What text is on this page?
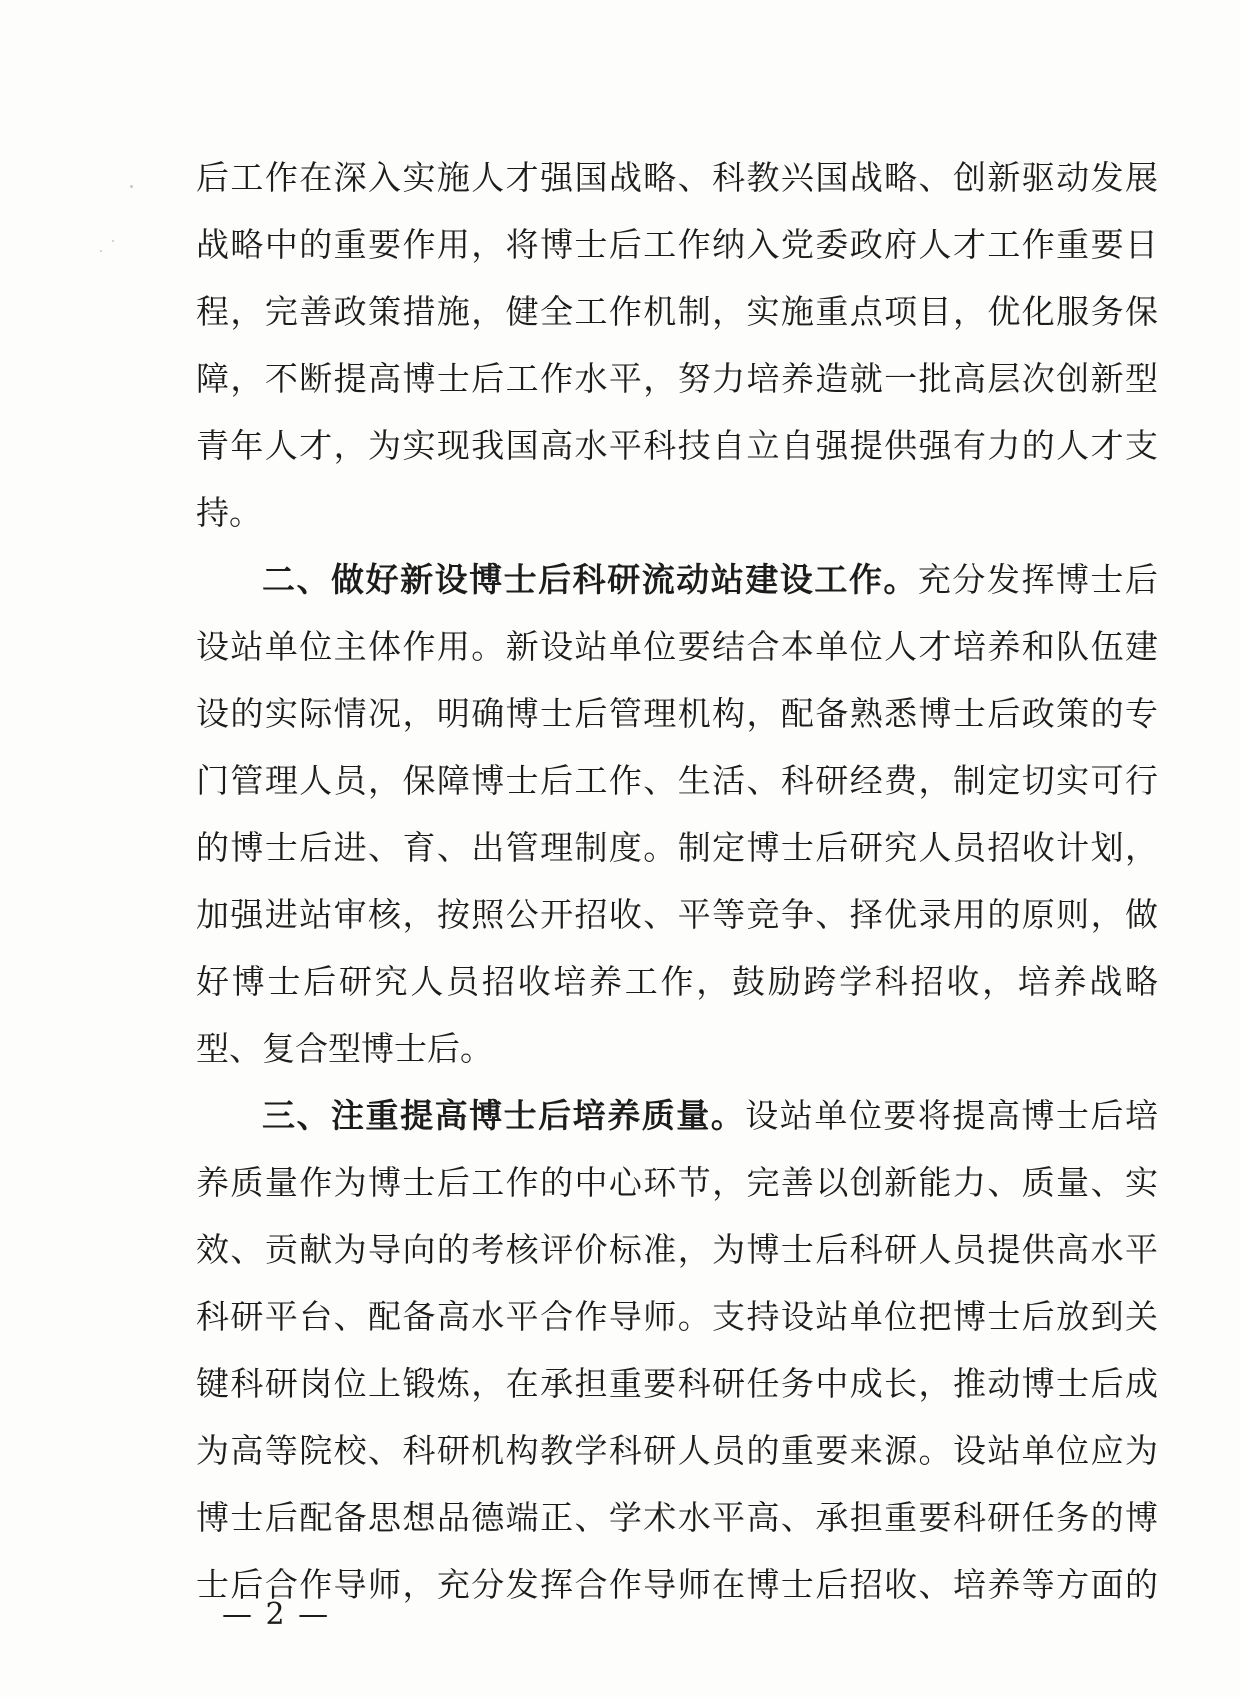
后工作在深入实施人才强国战略、科教兴国战略、创新驱动发展
战略中的重要作用，将博士后工作纳入党委政府人才工作重要日
程，完善政策措施，健全工作机制，实施重点项目，优化服务保
障，不断提高博士后工作水平，努力培养造就一批高层次创新型
青年人才，为实现我国高水平科技自立自强提供强有力的人才支
持。
二、做好新设博士后科研流动站建设工作。充分发挥博士后
设站单位主体作用。新设站单位要结合本单位人才培养和队伍建
设的实际情况，明确博士后管理机构，配备熟悉博士后政策的专
门管理人员，保障博士后工作、生活、科研经费，制定切实可行
的博士后进、育、出管理制度。制定博士后研究人员招收计划，
加强进站审核，按照公开招收、平等竞争、择优录用的原则，做
好博士后研究人员招收培养工作，鼓励跨学科招收，培养战略
型、复合型博士后。
三、注重提高博士后培养质量。设站单位要将提高博士后培
养质量作为博士后工作的中心环节，完善以创新能力、质量、实
效、贡献为导向的考核评价标准，为博士后科研人员提供高水平
科研平台、配备高水平合作导师。支持设站单位把博士后放到关
键科研岗位上锻炼，在承担重要科研任务中成长，推动博士后成
为高等院校、科研机构教学科研人员的重要来源。设站单位应为
博士后配备思想品德端正、学术水平高、承担重要科研任务的博
士后合作导师，充分发挥合作导师在博士后招收、培养等方面的
— 2 —
